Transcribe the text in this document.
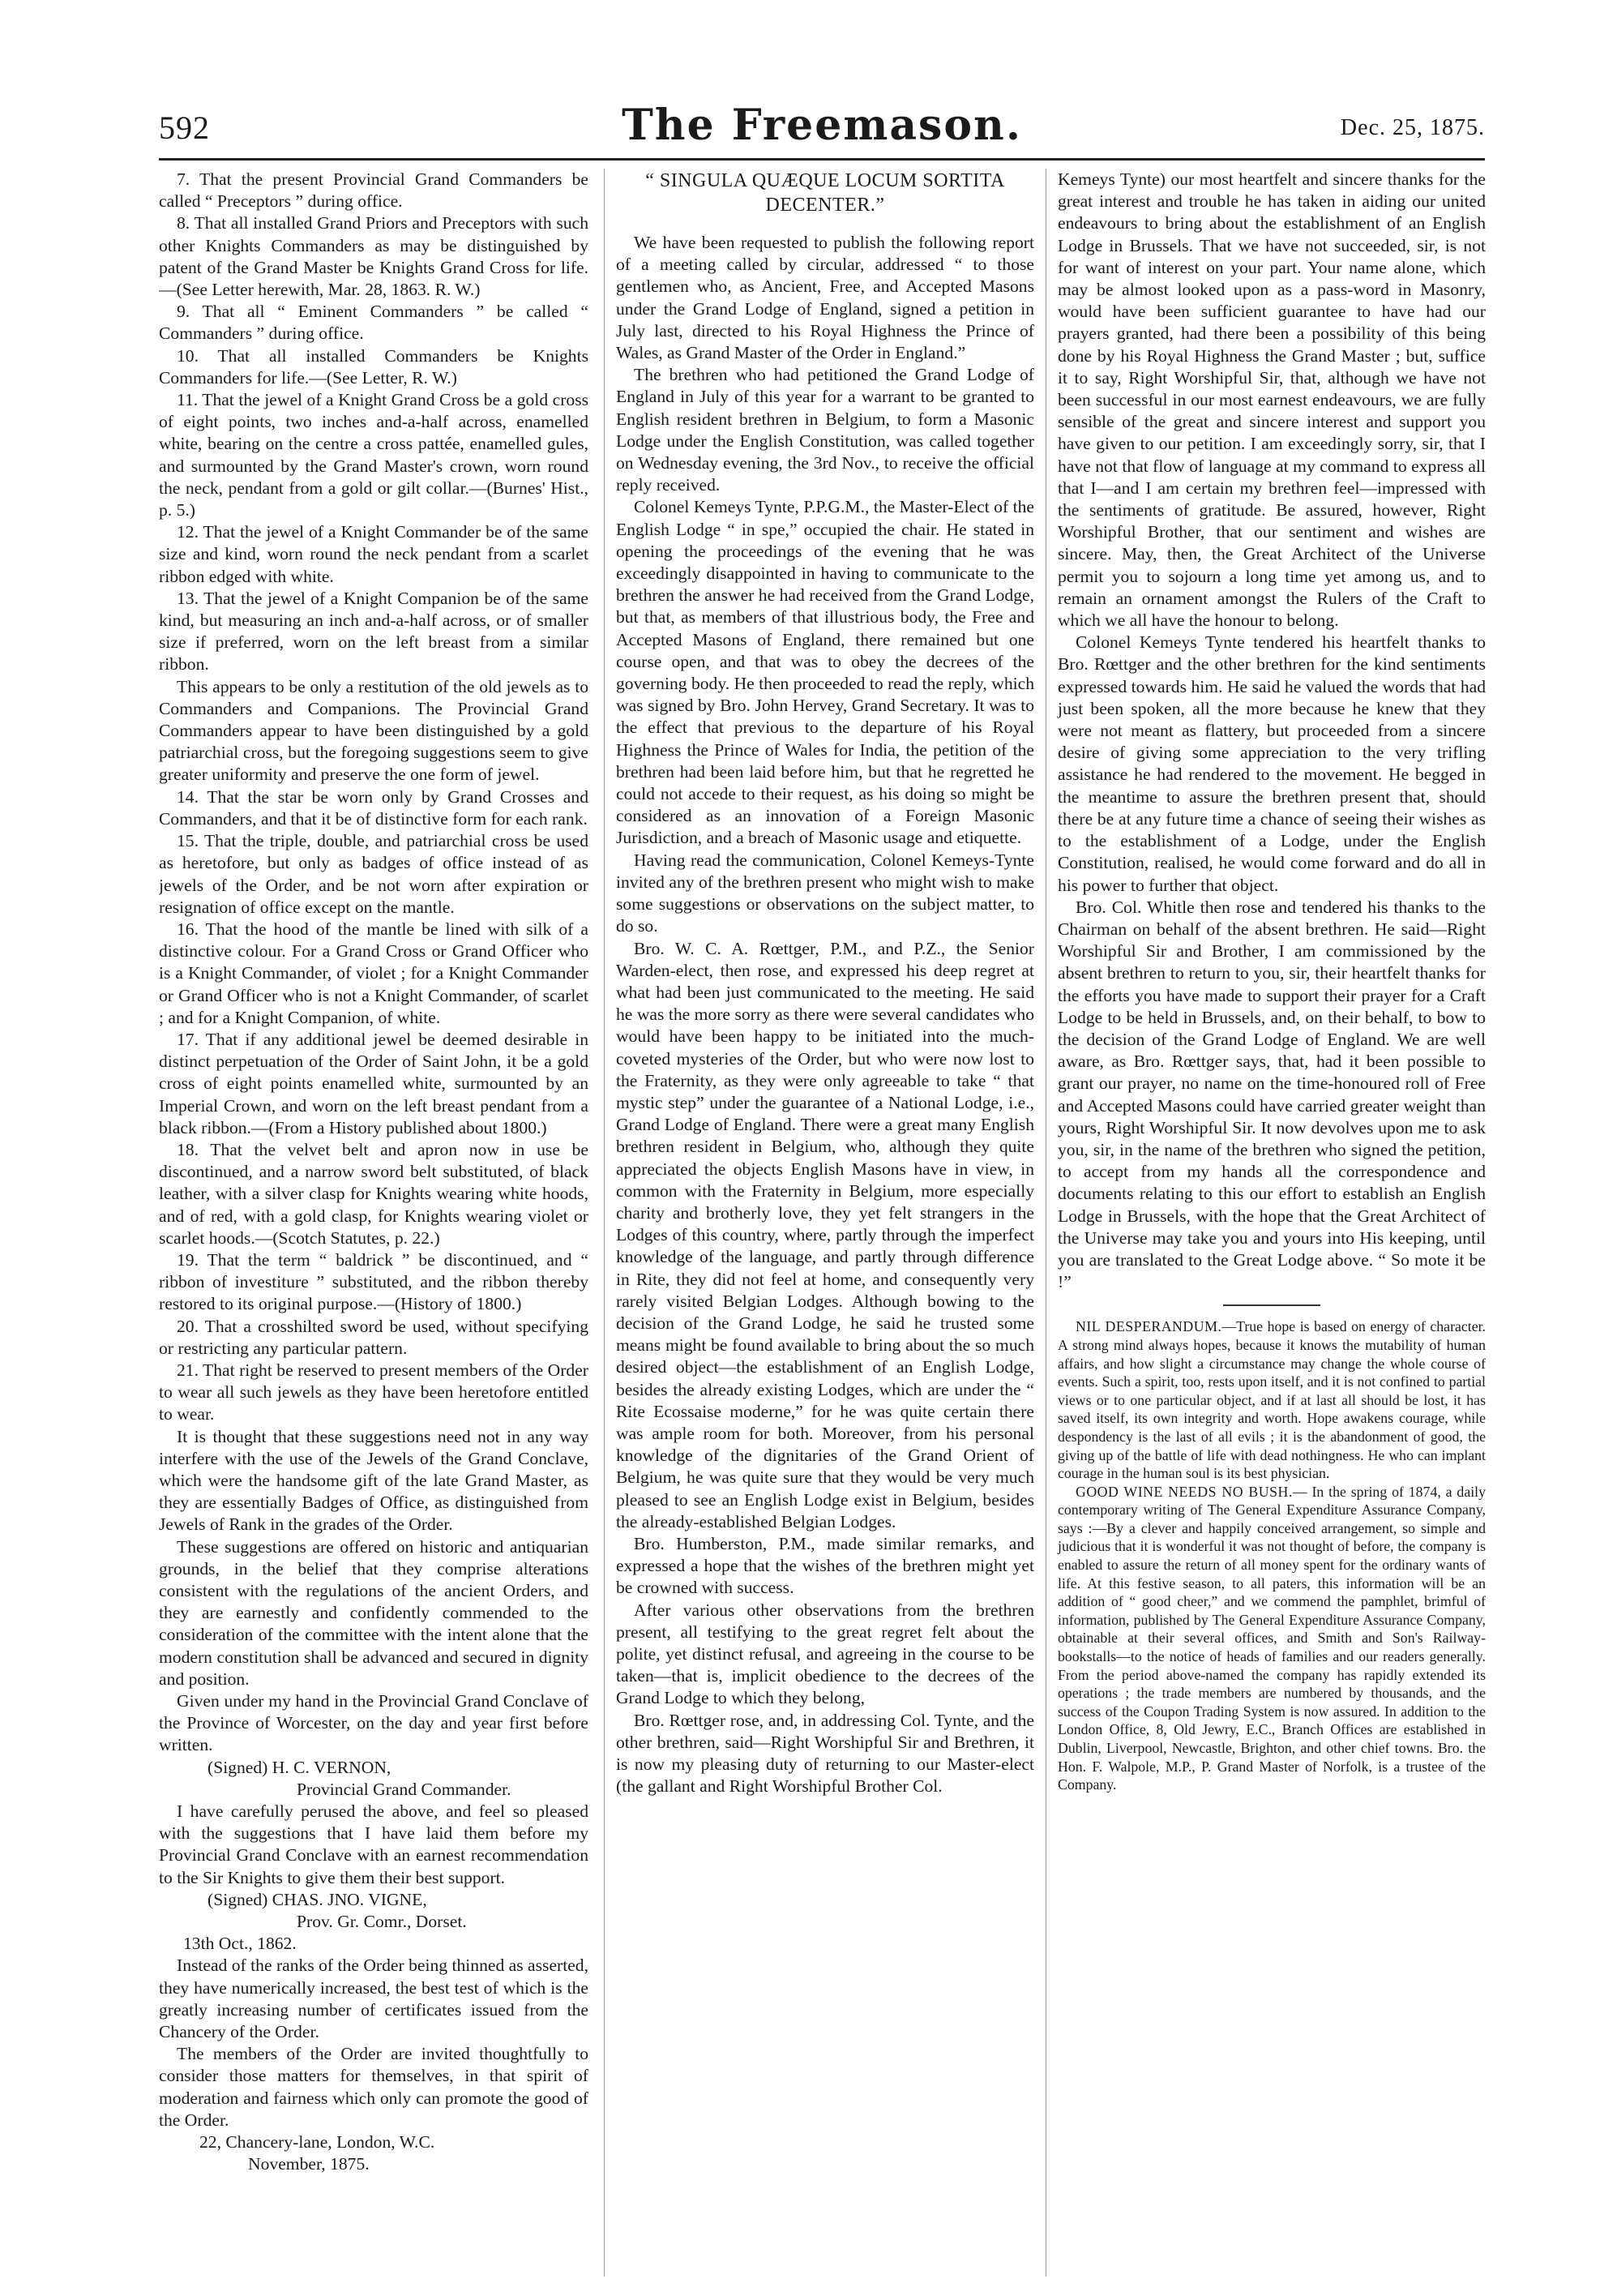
592	The Freemason.	Dec. 25, 1875.

7. That the present Provincial Grand Commanders be called “ Preceptors ” during office.

8. That all installed Grand Priors and Preceptors with such other Knights Commanders as may be distinguished by patent of the Grand Master be Knights Grand Cross for life.—(See Letter herewith, Mar. 28, 1863. R. W.)

9. That all “ Eminent Commanders ” be called “ Commanders ” during office.

10. That all installed Commanders be Knights Commanders for life.—(See Letter, R. W.)

11. That the jewel of a Knight Grand Cross be a gold cross of eight points, two inches and-a-half across, enamelled white, bearing on the centre a cross pattée, enamelled gules, and surmounted by the Grand Master's crown, worn round the neck, pendant from a gold or gilt collar.—(Burnes' Hist., p. 5.)

12. That the jewel of a Knight Commander be of the same size and kind, worn round the neck pendant from a scarlet ribbon edged with white.

13. That the jewel of a Knight Companion be of the same kind, but measuring an inch and-a-half across, or of smaller size if preferred, worn on the left breast from a similar ribbon.

This appears to be only a restitution of the old jewels as to Commanders and Companions. The Provincial Grand Commanders appear to have been distinguished by a gold patriarchial cross, but the foregoing suggestions seem to give greater uniformity and preserve the one form of jewel.

14. That the star be worn only by Grand Crosses and Commanders, and that it be of distinctive form for each rank.

15. That the triple, double, and patriarchial cross be used as heretofore, but only as badges of office instead of as jewels of the Order, and be not worn after expiration or resignation of office except on the mantle.

16. That the hood of the mantle be lined with silk of a distinctive colour. For a Grand Cross or Grand Officer who is a Knight Commander, of violet ; for a Knight Commander or Grand Officer who is not a Knight Commander, of scarlet ; and for a Knight Companion, of white.

17. That if any additional jewel be deemed desirable in distinct perpetuation of the Order of Saint John, it be a gold cross of eight points enamelled white, surmounted by an Imperial Crown, and worn on the left breast pendant from a black ribbon.—(From a History published about 1800.)

18. That the velvet belt and apron now in use be discontinued, and a narrow sword belt substituted, of black leather, with a silver clasp for Knights wearing white hoods, and of red, with a gold clasp, for Knights wearing violet or scarlet hoods.—(Scotch Statutes, p. 22.)

19. That the term “ baldrick ” be discontinued, and “ ribbon of investiture ” substituted, and the ribbon thereby restored to its original purpose.—(History of 1800.)

20. That a crosshilted sword be used, without specifying or restricting any particular pattern.

21. That right be reserved to present members of the Order to wear all such jewels as they have been heretofore entitled to wear.

It is thought that these suggestions need not in any way interfere with the use of the Jewels of the Grand Conclave, which were the handsome gift of the late Grand Master, as they are essentially Badges of Office, as distinguished from Jewels of Rank in the grades of the Order.

These suggestions are offered on historic and antiquarian grounds, in the belief that they comprise alterations consistent with the regulations of the ancient Orders, and they are earnestly and confidently commended to the consideration of the committee with the intent alone that the modern constitution shall be advanced and secured in dignity and position.

Given under my hand in the Provincial Grand Conclave of the Province of Worcester, on the day and year first before written.

(Signed) H. C. VERNON,

Provincial Grand Commander.

I have carefully perused the above, and feel so pleased with the suggestions that I have laid them before my Provincial Grand Conclave with an earnest recommendation to the Sir Knights to give them their best support.

(Signed) CHAS. JNO. VIGNE,

Prov. Gr. Comr., Dorset.

13th Oct., 1862.

Instead of the ranks of the Order being thinned as asserted, they have numerically increased, the best test of which is the greatly increasing number of certificates issued from the Chancery of the Order.

The members of the Order are invited thoughtfully to consider those matters for themselves, in that spirit of moderation and fairness which only can promote the good of the Order.

22, Chancery-lane, London, W.C.

November, 1875.

“ SINGULA QUÆQUE LOCUM SORTITA DECENTER.”

We have been requested to publish the following report of a meeting called by circular, addressed “ to those gentlemen who, as Ancient, Free, and Accepted Masons under the Grand Lodge of England, signed a petition in July last, directed to his Royal Highness the Prince of Wales, as Grand Master of the Order in England.”

The brethren who had petitioned the Grand Lodge of England in July of this year for a warrant to be granted to English resident brethren in Belgium, to form a Masonic Lodge under the English Constitution, was called together on Wednesday evening, the 3rd Nov., to receive the official reply received.

Colonel Kemeys Tynte, P.P.G.M., the Master-Elect of the English Lodge “ in spe,” occupied the chair. He stated in opening the proceedings of the evening that he was exceedingly disappointed in having to communicate to the brethren the answer he had received from the Grand Lodge, but that, as members of that illustrious body, the Free and Accepted Masons of England, there remained but one course open, and that was to obey the decrees of the governing body. He then proceeded to read the reply, which was signed by Bro. John Hervey, Grand Secretary. It was to the effect that previous to the departure of his Royal Highness the Prince of Wales for India, the petition of the brethren had been laid before him, but that he regretted he could not accede to their request, as his doing so might be considered as an innovation of a Foreign Masonic Jurisdiction, and a breach of Masonic usage and etiquette.

Having read the communication, Colonel Kemeys-Tynte invited any of the brethren present who might wish to make some suggestions or observations on the subject matter, to do so.

Bro. W. C. A. Rœttger, P.M., and P.Z., the Senior Warden-elect, then rose, and expressed his deep regret at what had been just communicated to the meeting. He said he was the more sorry as there were several candidates who would have been happy to be initiated into the much-coveted mysteries of the Order, but who were now lost to the Fraternity, as they were only agreeable to take “ that mystic step” under the guarantee of a National Lodge, i.e., Grand Lodge of England. There were a great many English brethren resident in Belgium, who, although they quite appreciated the objects English Masons have in view, in common with the Fraternity in Belgium, more especially charity and brotherly love, they yet felt strangers in the Lodges of this country, where, partly through the imperfect knowledge of the language, and partly through difference in Rite, they did not feel at home, and consequently very rarely visited Belgian Lodges. Although bowing to the decision of the Grand Lodge, he said he trusted some means might be found available to bring about the so much desired object—the establishment of an English Lodge, besides the already existing Lodges, which are under the “ Rite Ecossaise moderne,” for he was quite certain there was ample room for both. Moreover, from his personal knowledge of the dignitaries of the Grand Orient of Belgium, he was quite sure that they would be very much pleased to see an English Lodge exist in Belgium, besides the already-established Belgian Lodges.

Bro. Humberston, P.M., made similar remarks, and expressed a hope that the wishes of the brethren might yet be crowned with success.

After various other observations from the brethren present, all testifying to the great regret felt about the polite, yet distinct refusal, and agreeing in the course to be taken—that is, implicit obedience to the decrees of the Grand Lodge to which they belong,

Bro. Rœttger rose, and, in addressing Col. Tynte, and the other brethren, said—Right Worshipful Sir and Brethren, it is now my pleasing duty of returning to our Master-elect (the gallant and Right Worshipful Brother Col.

Kemeys Tynte) our most heartfelt and sincere thanks for the great interest and trouble he has taken in aiding our united endeavours to bring about the establishment of an English Lodge in Brussels. That we have not succeeded, sir, is not for want of interest on your part. Your name alone, which may be almost looked upon as a pass-word in Masonry, would have been sufficient guarantee to have had our prayers granted, had there been a possibility of this being done by his Royal Highness the Grand Master ; but, suffice it to say, Right Worshipful Sir, that, although we have not been successful in our most earnest endeavours, we are fully sensible of the great and sincere interest and support you have given to our petition. I am exceedingly sorry, sir, that I have not that flow of language at my command to express all that I—and I am certain my brethren feel—impressed with the sentiments of gratitude. Be assured, however, Right Worshipful Brother, that our sentiment and wishes are sincere. May, then, the Great Architect of the Universe permit you to sojourn a long time yet among us, and to remain an ornament amongst the Rulers of the Craft to which we all have the honour to belong.

Colonel Kemeys Tynte tendered his heartfelt thanks to Bro. Rœttger and the other brethren for the kind sentiments expressed towards him. He said he valued the words that had just been spoken, all the more because he knew that they were not meant as flattery, but proceeded from a sincere desire of giving some appreciation to the very trifling assistance he had rendered to the movement. He begged in the meantime to assure the brethren present that, should there be at any future time a chance of seeing their wishes as to the establishment of a Lodge, under the English Constitution, realised, he would come forward and do all in his power to further that object.

Bro. Col. Whitle then rose and tendered his thanks to the Chairman on behalf of the absent brethren. He said—Right Worshipful Sir and Brother, I am commissioned by the absent brethren to return to you, sir, their heartfelt thanks for the efforts you have made to support their prayer for a Craft Lodge to be held in Brussels, and, on their behalf, to bow to the decision of the Grand Lodge of England. We are well aware, as Bro. Rœttger says, that, had it been possible to grant our prayer, no name on the time-honoured roll of Free and Accepted Masons could have carried greater weight than yours, Right Worshipful Sir. It now devolves upon me to ask you, sir, in the name of the brethren who signed the petition, to accept from my hands all the correspondence and documents relating to this our effort to establish an English Lodge in Brussels, with the hope that the Great Architect of the Universe may take you and yours into His keeping, until you are translated to the Great Lodge above. “ So mote it be !”

NIL DESPERANDUM.—True hope is based on energy of character. A strong mind always hopes, because it knows the mutability of human affairs, and how slight a circumstance may change the whole course of events. Such a spirit, too, rests upon itself, and it is not confined to partial views or to one particular object, and if at last all should be lost, it has saved itself, its own integrity and worth. Hope awakens courage, while despondency is the last of all evils ; it is the abandonment of good, the giving up of the battle of life with dead nothingness. He who can implant courage in the human soul is its best physician.

GOOD WINE NEEDS NO BUSH.— In the spring of 1874, a daily contemporary writing of The General Expenditure Assurance Company, says :—By a clever and happily conceived arrangement, so simple and judicious that it is wonderful it was not thought of before, the company is enabled to assure the return of all money spent for the ordinary wants of life. At this festive season, to all paters, this information will be an addition of “ good cheer,” and we commend the pamphlet, brimful of information, published by The General Expenditure Assurance Company, obtainable at their several offices, and Smith and Son's Railway-bookstalls—to the notice of heads of families and our readers generally. From the period above-named the company has rapidly extended its operations ; the trade members are numbered by thousands, and the success of the Coupon Trading System is now assured. In addition to the London Office, 8, Old Jewry, E.C., Branch Offices are established in Dublin, Liverpool, Newcastle, Brighton, and other chief towns. Bro. the Hon. F. Walpole, M.P., P. Grand Master of Norfolk, is a trustee of the Company.
